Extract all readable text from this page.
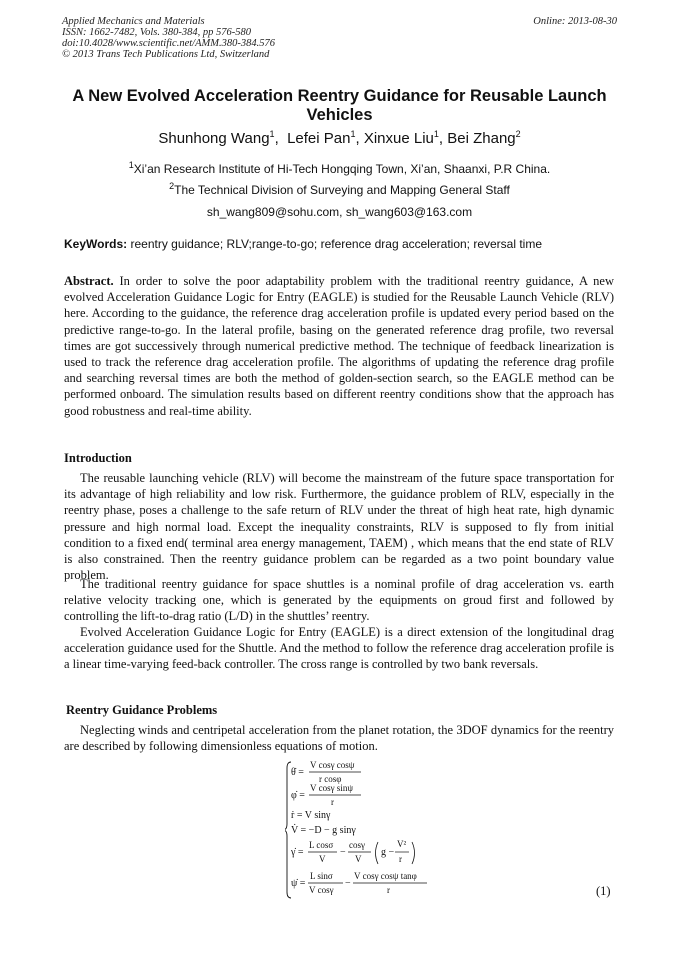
Applied Mechanics and Materials
ISSN: 1662-7482, Vols. 380-384, pp 576-580
doi:10.4028/www.scientific.net/AMM.380-384.576
© 2013 Trans Tech Publications Ltd, Switzerland
Online: 2013-08-30
A New Evolved Acceleration Reentry Guidance for Reusable Launch Vehicles
Shunhong Wang$^1$,  Lefei Pan$^1$, Xinxue Liu$^1$, Bei Zhang$^2$
$^1$Xi’an Research Institute of Hi-Tech Hongqing Town, Xi’an, Shaanxi, P.R China.
$^2$The Technical Division of Surveying and Mapping General Staff
sh_wang809@sohu.com, sh_wang603@163.com
KeyWords: reentry guidance; RLV;range-to-go; reference drag acceleration; reversal time
Abstract. In order to solve the poor adaptability problem with the traditional reentry guidance, A new evolved Acceleration Guidance Logic for Entry (EAGLE) is studied for the Reusable Launch Vehicle (RLV) here. According to the guidance, the reference drag acceleration profile is updated every period based on the predictive range-to-go. In the lateral profile, basing on the generated reference drag profile, two reversal times are got successively through numerical predictive method. The technique of feedback linearization is used to track the reference drag acceleration profile. The algorithms of updating the reference drag profile and searching reversal times are both the method of golden-section search, so the EAGLE method can be performed onboard. The simulation results based on different reentry conditions show that the approach has good robustness and real-time ability.
Introduction
The reusable launching vehicle (RLV) will become the mainstream of the future space transportation for its advantage of high reliability and low risk. Furthermore, the guidance problem of RLV, especially in the reentry phase, poses a challenge to the safe return of RLV under the threat of high heat rate, high dynamic pressure and high normal load. Except the inequality constraints, RLV is supposed to fly from initial condition to a fixed end( terminal area energy management, TAEM) , which means that the end state of RLV is also constrained. Then the reentry guidance problem can be regarded as a two point boundary value problem.
The traditional reentry guidance for space shuttles is a nominal profile of drag acceleration vs. earth relative velocity tracking one, which is generated by the equipments on groud first and followed by controlling the lift-to-drag ratio (L/D) in the shuttles’ reentry.
Evolved Acceleration Guidance Logic for Entry (EAGLE) is a direct extension of the longitudinal drag acceleration guidance used for the Shuttle. And the method to follow the reference drag acceleration profile is a linear time-varying feed-back controller. The cross range is controlled by two bank reversals.
Reentry Guidance Problems
Neglecting winds and centripetal acceleration from the planet rotation, the 3DOF dynamics for the reentry are described by following dimensionless equations of motion.
θ̇ =
V cosγ cosψ
r cosφ
φ̇ =
V cosγ sinψ
r
ṙ = V sinγ
V̇ = −D − g sinγ
γ̇ =
L cosσ
V
−
cosγ
V
g −
V²
r
ψ̇ =
L sinσ
V cosγ
−
V cosγ cosψ tanφ
r	(1)
